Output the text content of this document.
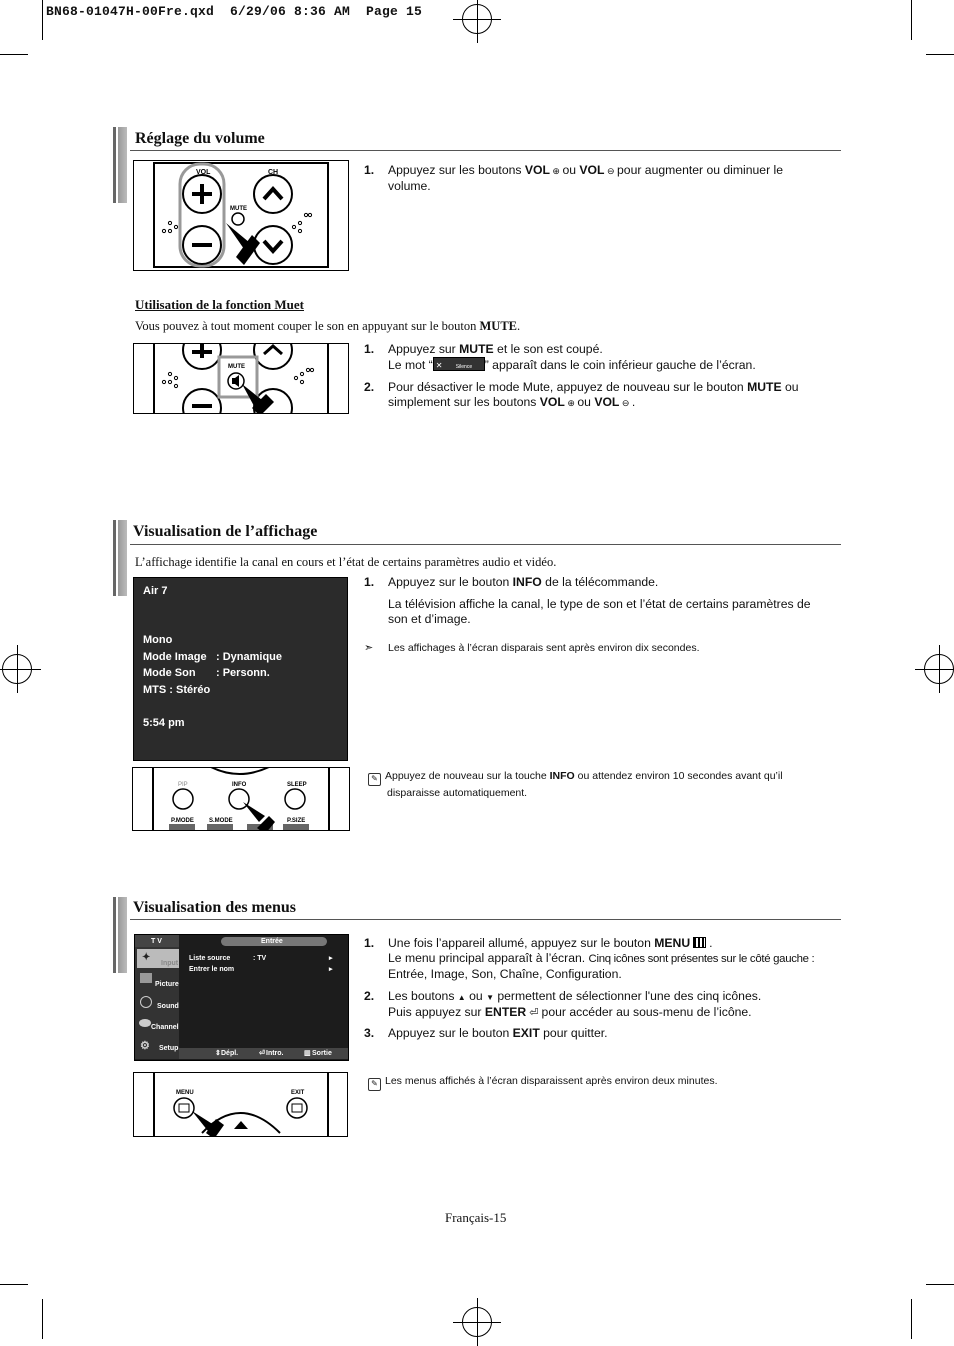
BN68-01047H-00Fre.qxd  6/29/06 8:36 AM  Page 15
Réglage du volume
VOL	CH
MUTE
1. Appuyez sur les boutons VOL ⊕ ou VOL ⊖ pour augmenter ou diminuer le
volume.
Utilisation de la fonction Muet
Vous pouvez à tout moment couper le son en appuyant sur le bouton MUTE.
MUTE
1. Appuyez sur MUTE et le son est coupé.
Le mot “ ✕	Silence ” apparaît dans le coin inférieur gauche de l’écran.
2. Pour désactiver le mode Mute, appuyez de nouveau sur le bouton MUTE ou
simplement sur les boutons VOL ⊕ ou VOL ⊖ .
Visualisation de l’affichage
L’affichage identifie la canal en cours et l’état de certains paramètres audio et vidéo.
Air 7
Mono
Mode Image : Dynamique
Mode Son : Personn.
MTS : Stéréo
5:54 pm
1. Appuyez sur le bouton INFO de la télécommande.
La télévision affiche la canal, le type de son et l’état de certains paramètres de
son et d’image.
➣ Les affichages à l’écran disparais sent après environ dix secondes.
PIP	INFO	SLEEP
P.MODE	S.MODE	P.SIZE
✎ Appuyez de nouveau sur la touche INFO ou attendez environ 10 secondes avant qu’il
disparaisse automatiquement.
Visualisation des menus
T V	Entrée
✦
Input
Picture
Sound
Channel
⚙ Setup
Liste source	: TV	▸
Entrer le nom	▸
⇕ Dépl.	⏎ Intro.	▥ Sortie
1. Une fois l’appareil allumé, appuyez sur le bouton MENU .
Le menu principal apparaît à l’écran. Cinq icônes sont présentes sur le côté gauche :
Entrée, Image, Son, Chaîne, Configuration.
2. Les boutons ▲ ou ▼ permettent de sélectionner l'une des cinq icônes.
Puis appuyez sur ENTER ⏎ pour accéder au sous-menu de l’icône.
3. Appuyez sur le bouton EXIT pour quitter.
MENU	EXIT
✎ Les menus affichés à l’écran disparaissent après environ deux minutes.
Français-15
